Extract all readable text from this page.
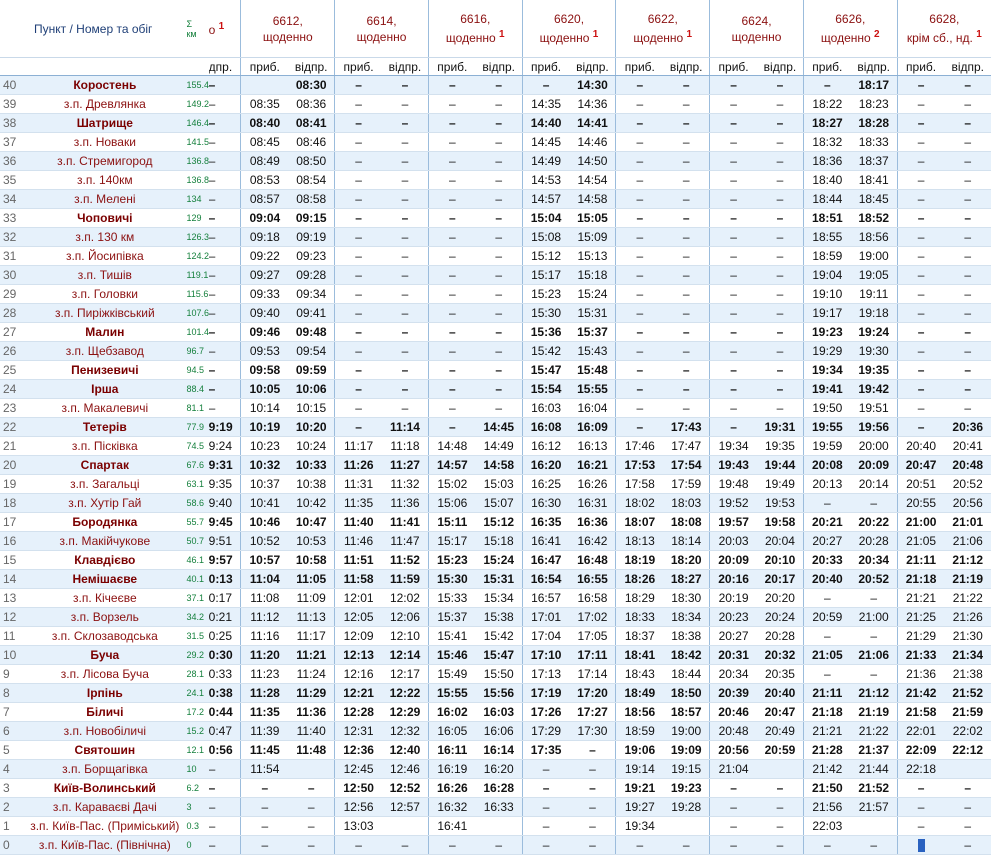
Пункт / Номер та обіг		Σ
км	о $^1$	6612,
щоденно		6614,
щоденно		6616,
щоденно $^1$		6620,
щоденно $^1$		6622,
щоденно $^1$		6624,
щоденно		6626,
щоденно $^2$		6628,
крім сб., нд. $^1$
			дпр.	приб.	відпр.	приб.	відпр.	приб.	відпр.	приб.	відпр.	приб.	відпр.	приб.	відпр.	приб.	відпр.	приб.	відпр.
40	Коростень	155.4	–		08:30	–	–	–	–	–	14:30	–	–	–	–	–	18:17	–	–
39	з.п. Древлянка	149.2	–	08:35	08:36	–	–	–	–	14:35	14:36	–	–	–	–	18:22	18:23	–	–
38	Шатрище	146.4	–	08:40	08:41	–	–	–	–	14:40	14:41	–	–	–	–	18:27	18:28	–	–
37	з.п. Новаки	141.5	–	08:45	08:46	–	–	–	–	14:45	14:46	–	–	–	–	18:32	18:33	–	–
36	з.п. Стремигород	136.8	–	08:49	08:50	–	–	–	–	14:49	14:50	–	–	–	–	18:36	18:37	–	–
35	з.п. 140км	136.8	–	08:53	08:54	–	–	–	–	14:53	14:54	–	–	–	–	18:40	18:41	–	–
34	з.п. Мелені	134	–	08:57	08:58	–	–	–	–	14:57	14:58	–	–	–	–	18:44	18:45	–	–
33	Чоповичі	129	–	09:04	09:15	–	–	–	–	15:04	15:05	–	–	–	–	18:51	18:52	–	–
32	з.п. 130 км	126.3	–	09:18	09:19	–	–	–	–	15:08	15:09	–	–	–	–	18:55	18:56	–	–
31	з.п. Йосипівка	124.2	–	09:22	09:23	–	–	–	–	15:12	15:13	–	–	–	–	18:59	19:00	–	–
30	з.п. Тишів	119.1	–	09:27	09:28	–	–	–	–	15:17	15:18	–	–	–	–	19:04	19:05	–	–
29	з.п. Головки	115.6	–	09:33	09:34	–	–	–	–	15:23	15:24	–	–	–	–	19:10	19:11	–	–
28	з.п. Пиріжківський	107.6	–	09:40	09:41	–	–	–	–	15:30	15:31	–	–	–	–	19:17	19:18	–	–
27	Малин	101.4	–	09:46	09:48	–	–	–	–	15:36	15:37	–	–	–	–	19:23	19:24	–	–
26	з.п. Щебзавод	96.7	–	09:53	09:54	–	–	–	–	15:42	15:43	–	–	–	–	19:29	19:30	–	–
25	Пенизевичі	94.5	–	09:58	09:59	–	–	–	–	15:47	15:48	–	–	–	–	19:34	19:35	–	–
24	Ірша	88.4	–	10:05	10:06	–	–	–	–	15:54	15:55	–	–	–	–	19:41	19:42	–	–
23	з.п. Макалевичі	81.1	–	10:14	10:15	–	–	–	–	16:03	16:04	–	–	–	–	19:50	19:51	–	–
22	Тетерів	77.9	9:19	10:19	10:20	–	11:14	–	14:45	16:08	16:09	–	17:43	–	19:31	19:55	19:56	–	20:36
21	з.п. Пісківка	74.5	9:24	10:23	10:24	11:17	11:18	14:48	14:49	16:12	16:13	17:46	17:47	19:34	19:35	19:59	20:00	20:40	20:41
20	Спартак	67.6	9:31	10:32	10:33	11:26	11:27	14:57	14:58	16:20	16:21	17:53	17:54	19:43	19:44	20:08	20:09	20:47	20:48
19	з.п. Загальці	63.1	9:35	10:37	10:38	11:31	11:32	15:02	15:03	16:25	16:26	17:58	17:59	19:48	19:49	20:13	20:14	20:51	20:52
18	з.п. Хутір Гай	58.6	9:40	10:41	10:42	11:35	11:36	15:06	15:07	16:30	16:31	18:02	18:03	19:52	19:53	–	–	20:55	20:56
17	Бородянка	55.7	9:45	10:46	10:47	11:40	11:41	15:11	15:12	16:35	16:36	18:07	18:08	19:57	19:58	20:21	20:22	21:00	21:01
16	з.п. Макійчукове	50.7	9:51	10:52	10:53	11:46	11:47	15:17	15:18	16:41	16:42	18:13	18:14	20:03	20:04	20:27	20:28	21:05	21:06
15	Клавдієво	46.1	9:57	10:57	10:58	11:51	11:52	15:23	15:24	16:47	16:48	18:19	18:20	20:09	20:10	20:33	20:34	21:11	21:12
14	Немішаєве	40.1	0:13	11:04	11:05	11:58	11:59	15:30	15:31	16:54	16:55	18:26	18:27	20:16	20:17	20:40	20:52	21:18	21:19
13	з.п. Кічеєве	37.1	0:17	11:08	11:09	12:01	12:02	15:33	15:34	16:57	16:58	18:29	18:30	20:19	20:20	–	–	21:21	21:22
12	з.п. Ворзель	34.2	0:21	11:12	11:13	12:05	12:06	15:37	15:38	17:01	17:02	18:33	18:34	20:23	20:24	20:59	21:00	21:25	21:26
11	з.п. Склозаводська	31.5	0:25	11:16	11:17	12:09	12:10	15:41	15:42	17:04	17:05	18:37	18:38	20:27	20:28	–	–	21:29	21:30
10	Буча	29.2	0:30	11:20	11:21	12:13	12:14	15:46	15:47	17:10	17:11	18:41	18:42	20:31	20:32	21:05	21:06	21:33	21:34
9	з.п. Лісова Буча	28.1	0:33	11:23	11:24	12:16	12:17	15:49	15:50	17:13	17:14	18:43	18:44	20:34	20:35	–	–	21:36	21:38
8	Ірпінь	24.1	0:38	11:28	11:29	12:21	12:22	15:55	15:56	17:19	17:20	18:49	18:50	20:39	20:40	21:11	21:12	21:42	21:52
7	Біличі	17.2	0:44	11:35	11:36	12:28	12:29	16:02	16:03	17:26	17:27	18:56	18:57	20:46	20:47	21:18	21:19	21:58	21:59
6	з.п. Новобіличі	15.2	0:47	11:39	11:40	12:31	12:32	16:05	16:06	17:29	17:30	18:59	19:00	20:48	20:49	21:21	21:22	22:01	22:02
5	Святошин	12.1	0:56	11:45	11:48	12:36	12:40	16:11	16:14	17:35	–	19:06	19:09	20:56	20:59	21:28	21:37	22:09	22:12
4	з.п. Борщагівка	10	–	11:54		12:45	12:46	16:19	16:20	–	–	19:14	19:15	21:04		21:42	21:44	22:18	
3	Київ-Волинський	6.2	–	–	–	12:50	12:52	16:26	16:28	–	–	19:21	19:23	–	–	21:50	21:52	–	–
2	з.п. Караваєві Дачі	3	–	–	–	12:56	12:57	16:32	16:33	–	–	19:27	19:28	–	–	21:56	21:57	–	–
1	з.п. Київ-Пас. (Приміський)	0.3	–	–	–	13:03		16:41		–	–	19:34		–	–	22:03		–	–
0	з.п. Київ-Пас. (Північна)	0	–	–	–	–	–	–	–	–	–	–	–	–	–	–	–		–
